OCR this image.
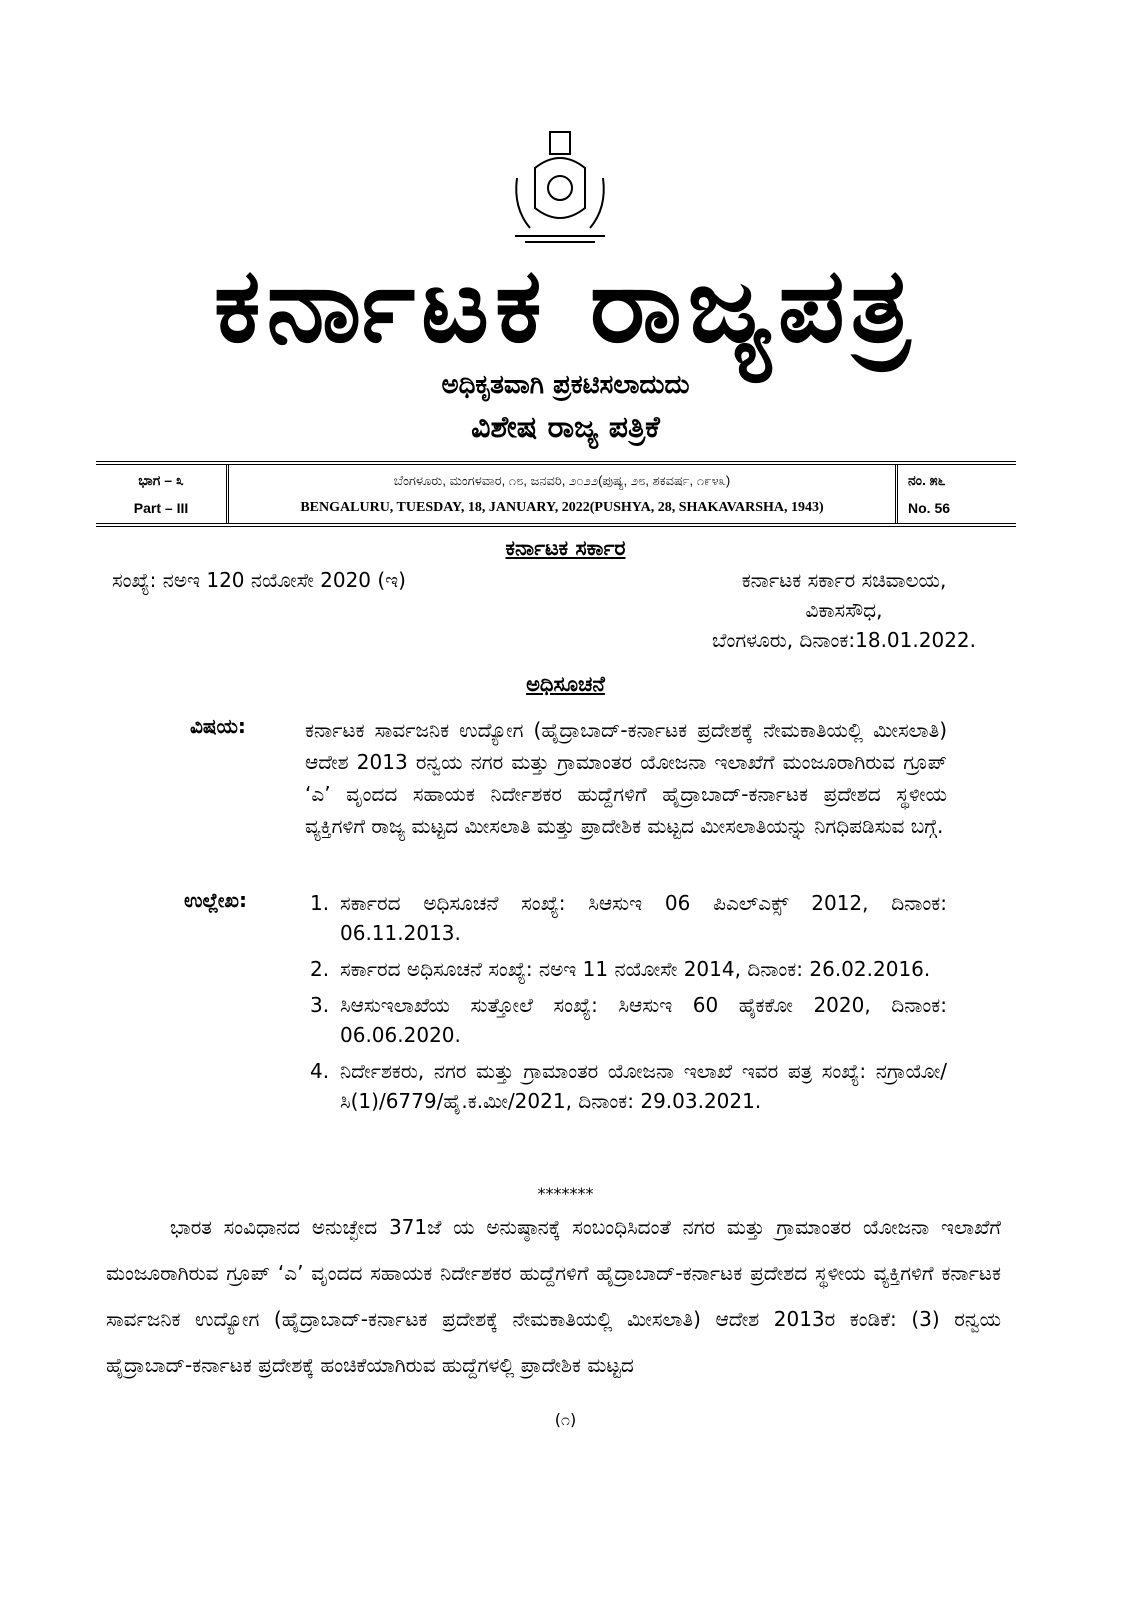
ಕರ್ನಾಟಕ ರಾಜ್ಯಪತ್ರ
ಅಧಿಕೃತವಾಗಿ ಪ್ರಕಟಿಸಲಾದುದು
ವಿಶೇಷ ರಾಜ್ಯ ಪತ್ರಿಕೆ
ಭಾಗ – ೩
Part – III
ಬೆಂಗಳೂರು, ಮಂಗಳವಾರ, ೧೮, ಜನವರಿ, ೨೦೨೨(ಪುಷ್ಯ, ೨೮, ಶಕವರ್ಷ, ೧೯೪೩)
BENGALURU, TUESDAY, 18, JANUARY, 2022(PUSHYA, 28, SHAKAVARSHA, 1943)
ನಂ. ೫೬
No. 56
ಕರ್ನಾಟಕ ಸರ್ಕಾರ
ಸಂಖ್ಯೆ: ನಅಇ 120 ನಯೋಸೇ 2020 (ಇ)	ಕರ್ನಾಟಕ ಸರ್ಕಾರ ಸಚಿವಾಲಯ,
ವಿಕಾಸಸೌಧ,
ಬೆಂಗಳೂರು, ದಿನಾಂಕ:18.01.2022.
ಅಧಿಸೂಚನೆ
ವಿಷಯ:	ಕರ್ನಾಟಕ ಸಾರ್ವಜನಿಕ ಉದ್ಯೋಗ (ಹೈದ್ರಾಬಾದ್-ಕರ್ನಾಟಕ ಪ್ರದೇಶಕ್ಕೆ ನೇಮಕಾತಿಯಲ್ಲಿ ಮೀಸಲಾತಿ) ಆದೇಶ 2013 ರನ್ವಯ ನಗರ ಮತ್ತು ಗ್ರಾಮಾಂತರ ಯೋಜನಾ ಇಲಾಖೆಗೆ ಮಂಜೂರಾಗಿರುವ ಗ್ರೂಪ್ ‘ಎ’ ವೃಂದದ ಸಹಾಯಕ ನಿರ್ದೇಶಕರ ಹುದ್ದೆಗಳಿಗೆ ಹೈದ್ರಾಬಾದ್-ಕರ್ನಾಟಕ ಪ್ರದೇಶದ ಸ್ಥಳೀಯ ವ್ಯಕ್ತಿಗಳಿಗೆ ರಾಜ್ಯ ಮಟ್ಟದ ಮೀಸಲಾತಿ ಮತ್ತು ಪ್ರಾದೇಶಿಕ ಮಟ್ಟದ ಮೀಸಲಾತಿಯನ್ನು ನಿಗಧಿಪಡಿಸುವ ಬಗ್ಗೆ.
ಉಲ್ಲೇಖ:	1. ಸರ್ಕಾರದ ಅಧಿಸೂಚನೆ ಸಂಖ್ಯೆ: ಸಿಆಸುಇ 06 ಪಿಎಲ್‌ಎಕ್ಸ್ 2012, ದಿನಾಂಕ: 06.11.2013.
2. ಸರ್ಕಾರದ ಅಧಿಸೂಚನೆ ಸಂಖ್ಯೆ: ನಅಇ 11 ನಯೋಸೇ 2014, ದಿನಾಂಕ: 26.02.2016.
3. ಸಿಆಸುಇಲಾಖೆಯ ಸುತ್ತೋಲೆ ಸಂಖ್ಯೆ: ಸಿಆಸುಇ 60 ಹೈಕಕೋ 2020, ದಿನಾಂಕ: 06.06.2020.
4. ನಿರ್ದೇಶಕರು, ನಗರ ಮತ್ತು ಗ್ರಾಮಾಂತರ ಯೋಜನಾ ಇಲಾಖೆ ಇವರ ಪತ್ರ ಸಂಖ್ಯೆ: ನಗ್ರಾಯೋ/ಸಿ(1)/6779/ಹೈ.ಕ.ಮೀ/2021, ದಿನಾಂಕ: 29.03.2021.
*******
ಭಾರತ ಸಂವಿಧಾನದ ಅನುಚ್ಛೇದ 371ಜೆ ಯ ಅನುಷ್ಠಾನಕ್ಕೆ ಸಂಬಂಧಿಸಿದಂತೆ ನಗರ ಮತ್ತು ಗ್ರಾಮಾಂತರ ಯೋಜನಾ ಇಲಾಖೆಗೆ ಮಂಜೂರಾಗಿರುವ ಗ್ರೂಪ್ ‘ಎ’ ವೃಂದದ ಸಹಾಯಕ ನಿರ್ದೇಶಕರ ಹುದ್ದೆಗಳಿಗೆ ಹೈದ್ರಾಬಾದ್-ಕರ್ನಾಟಕ ಪ್ರದೇಶದ ಸ್ಥಳೀಯ ವ್ಯಕ್ತಿಗಳಿಗೆ ಕರ್ನಾಟಕ ಸಾರ್ವಜನಿಕ ಉದ್ಯೋಗ (ಹೈದ್ರಾಬಾದ್-ಕರ್ನಾಟಕ ಪ್ರದೇಶಕ್ಕೆ ನೇಮಕಾತಿಯಲ್ಲಿ ಮೀಸಲಾತಿ) ಆದೇಶ 2013ರ ಕಂಡಿಕೆ: (3) ರನ್ವಯ ಹೈದ್ರಾಬಾದ್-ಕರ್ನಾಟಕ ಪ್ರದೇಶಕ್ಕೆ ಹಂಚಿಕೆಯಾಗಿರುವ ಹುದ್ದೆಗಳಲ್ಲಿ ಪ್ರಾದೇಶಿಕ ಮಟ್ಟದ
(೧)
